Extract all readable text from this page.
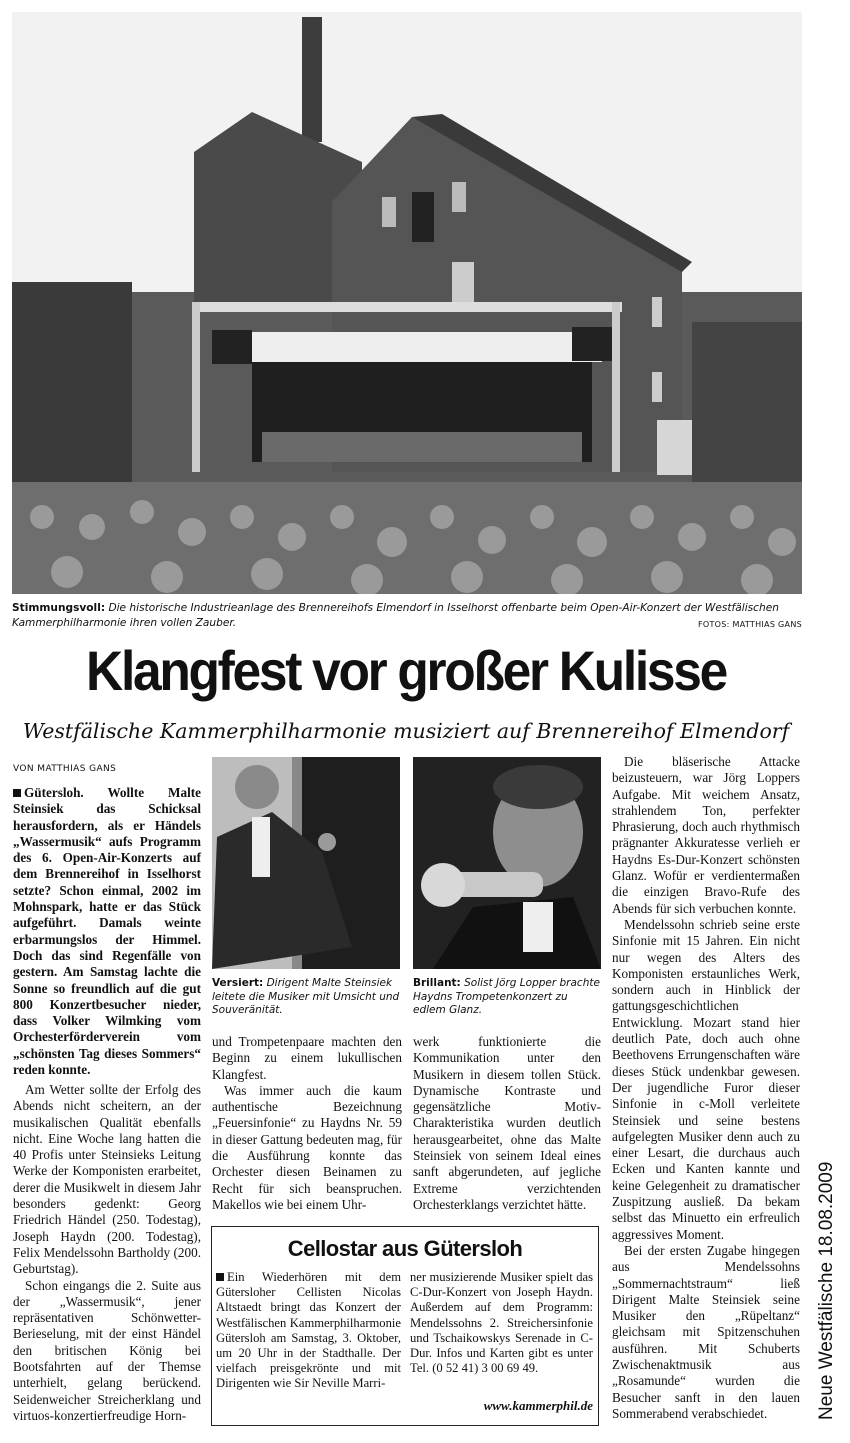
Stimmungsvoll: Die historische Industrieanlage des Brennereihofs Elmendorf in Isselhorst offenbarte beim Open-Air-Konzert der Westfälischen Kammerphilharmonie ihren vollen Zauber.	FOTOS: MATTHIAS GANS
Klangfest vor großer Kulisse
Westfälische Kammerphilharmonie musiziert auf Brennereihof Elmendorf
VON MATTHIAS GANS

Gütersloh. Wollte Malte Steinsiek das Schicksal herausfordern, als er Händels „Wassermusik“ aufs Programm des 6. Open-Air-Konzerts auf dem Brennereihof in Isselhorst setzte? Schon einmal, 2002 im Mohnspark, hatte er das Stück aufgeführt. Damals weinte erbarmungslos der Himmel. Doch das sind Regenfälle von gestern. Am Samstag lachte die Sonne so freundlich auf die gut 800 Konzertbesucher nieder, dass Volker Wilmking vom Orchesterförderverein vom „schönsten Tag dieses Sommers“ reden konnte.

Am Wetter sollte der Erfolg des Abends nicht scheitern, an der musikalischen Qualität ebenfalls nicht. Eine Woche lang hatten die 40 Profis unter Steinsieks Leitung Werke der Komponisten erarbeitet, derer die Musikwelt in diesem Jahr besonders gedenkt: Georg Friedrich Händel (250. Todestag), Joseph Haydn (200. Todestag), Felix Mendelssohn Bartholdy (200. Geburtstag).

Schon eingangs die 2. Suite aus der „Wassermusik“, jener repräsentativen Schönwetter-Berieselung, mit der einst Händel den britischen König bei Bootsfahrten auf der Themse unterhielt, gelang berückend. Seidenweicher Streicherklang und virtuos-konzertierfreudige Horn-

Versiert: Dirigent Malte Steinsiek leitete die Musiker mit Umsicht und Souveränität.
Brillant: Solist Jörg Lopper brachte Haydns Trompetenkonzert zu edlem Glanz.

und Trompetenpaare machten den Beginn zu einem lukullischen Klangfest.

Was immer auch die kaum authentische Bezeichnung „Feuersinfonie“ zu Haydns Nr. 59 in dieser Gattung bedeuten mag, für die Ausführung konnte das Orchester diesen Beinamen zu Recht für sich beanspruchen. Makellos wie bei einem Uhr-

werk funktionierte die Kommunikation unter den Musikern in diesem tollen Stück. Dynamische Kontraste und gegensätzliche Motiv-Charakteristika wurden deutlich herausgearbeitet, ohne das Malte Steinsiek von seinem Ideal eines sanft abgerundeten, auf jegliche Extreme verzichtenden Orchesterklangs verzichtet hätte.

Die bläserische Attacke beizusteuern, war Jörg Loppers Aufgabe. Mit weichem Ansatz, strahlendem Ton, perfekter Phrasierung, doch auch rhythmisch prägnanter Akkuratesse verlieh er Haydns Es-Dur-Konzert schönsten Glanz. Wofür er verdientermaßen die einzigen Bravo-Rufe des Abends für sich verbuchen konnte.

Mendelssohn schrieb seine erste Sinfonie mit 15 Jahren. Ein nicht nur wegen des Alters des Komponisten erstaunliches Werk, sondern auch in Hinblick der gattungsgeschichtlichen Entwicklung. Mozart stand hier deutlich Pate, doch auch ohne Beethovens Errungenschaften wäre dieses Stück undenkbar gewesen. Der jugendliche Furor dieser Sinfonie in c-Moll verleitete Steinsiek und seine bestens aufgelegten Musiker denn auch zu einer Lesart, die durchaus auch Ecken und Kanten kannte und keine Gelegenheit zu dramatischer Zuspitzung ausließ. Da bekam selbst das Minuetto ein erfreulich aggressives Moment.

Bei der ersten Zugabe hingegen aus Mendelssohns „Sommernachtstraum“ ließ Dirigent Malte Steinsiek seine Musiker den „Rüpeltanz“ gleichsam mit Spitzenschuhen ausführen. Mit Schuberts Zwischenaktmusik aus „Rosamunde“ wurden die Besucher sanft in den lauen Sommerabend verabschiedet.

Cellostar aus Gütersloh

Ein Wiederhören mit dem Gütersloher Cellisten Nicolas Altstaedt bringt das Konzert der Westfälischen Kammerphilharmonie Gütersloh am Samstag, 3. Oktober, um 20 Uhr in der Stadthalle. Der vielfach preisgekrönte und mit Dirigenten wie Sir Neville Marri-

ner musizierende Musiker spielt das C-Dur-Konzert von Joseph Haydn. Außerdem auf dem Programm: Mendelssohns 2. Streichersinfonie und Tschaikowskys Serenade in C-Dur. Infos und Karten gibt es unter Tel. (0 52 41) 3 00 69 49.

www.kammerphil.de	Neue Westfälische 18.08.2009
